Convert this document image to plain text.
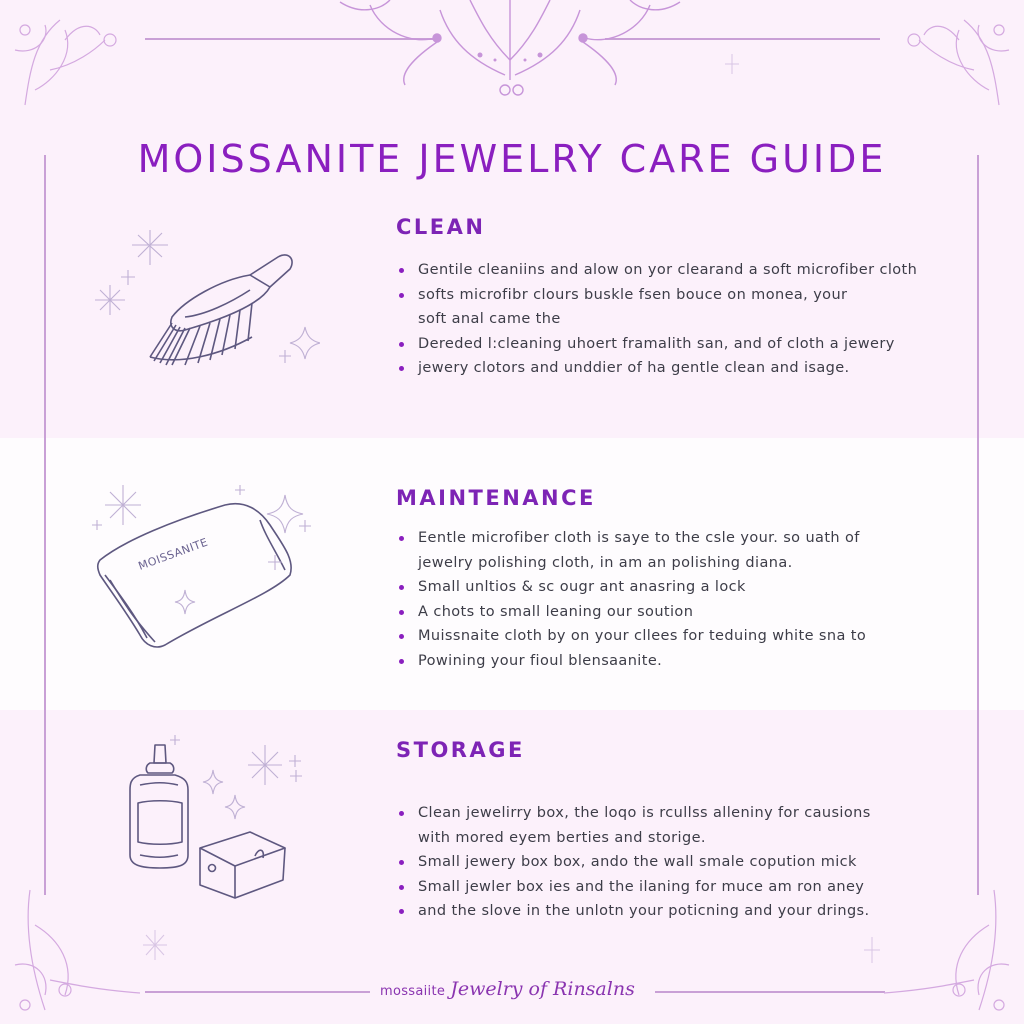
MOISSANITE JEWELRY CARE GUIDE
CLEAN
Gentile cleaniins and alow on yor clearand a soft microfiber cloth
softs microfibr clours buskle fsen bouce on monea, your soft anal came the
Dereded l:cleaning uhoert framalith san, and of cloth a jewery
jewery clotors and unddier of ha gentle clean and isage.
MOISSANITE
MAINTENANCE
Eentle microfiber cloth is saye to the csle your. so uath of jewelry polishing cloth, in am an polishing diana.
Small unltios & sc ougr ant anasring a lock
A chots to small leaning our soution
Muissnaite cloth by on your cllees for teduing white sna to
Powining your fioul blensaanite.
STORAGE
Clean jewelirry box, the loqo is rcullss alleniny for causions with mored eyem berties and storige.
Small jewery box box, ando the wall smale copution mick
Small jewler box ies and the ilaning for muce am ron aney
and the slove in the unlotn your poticning and your drings.
mossaiite Jewelry of Rinsalns
